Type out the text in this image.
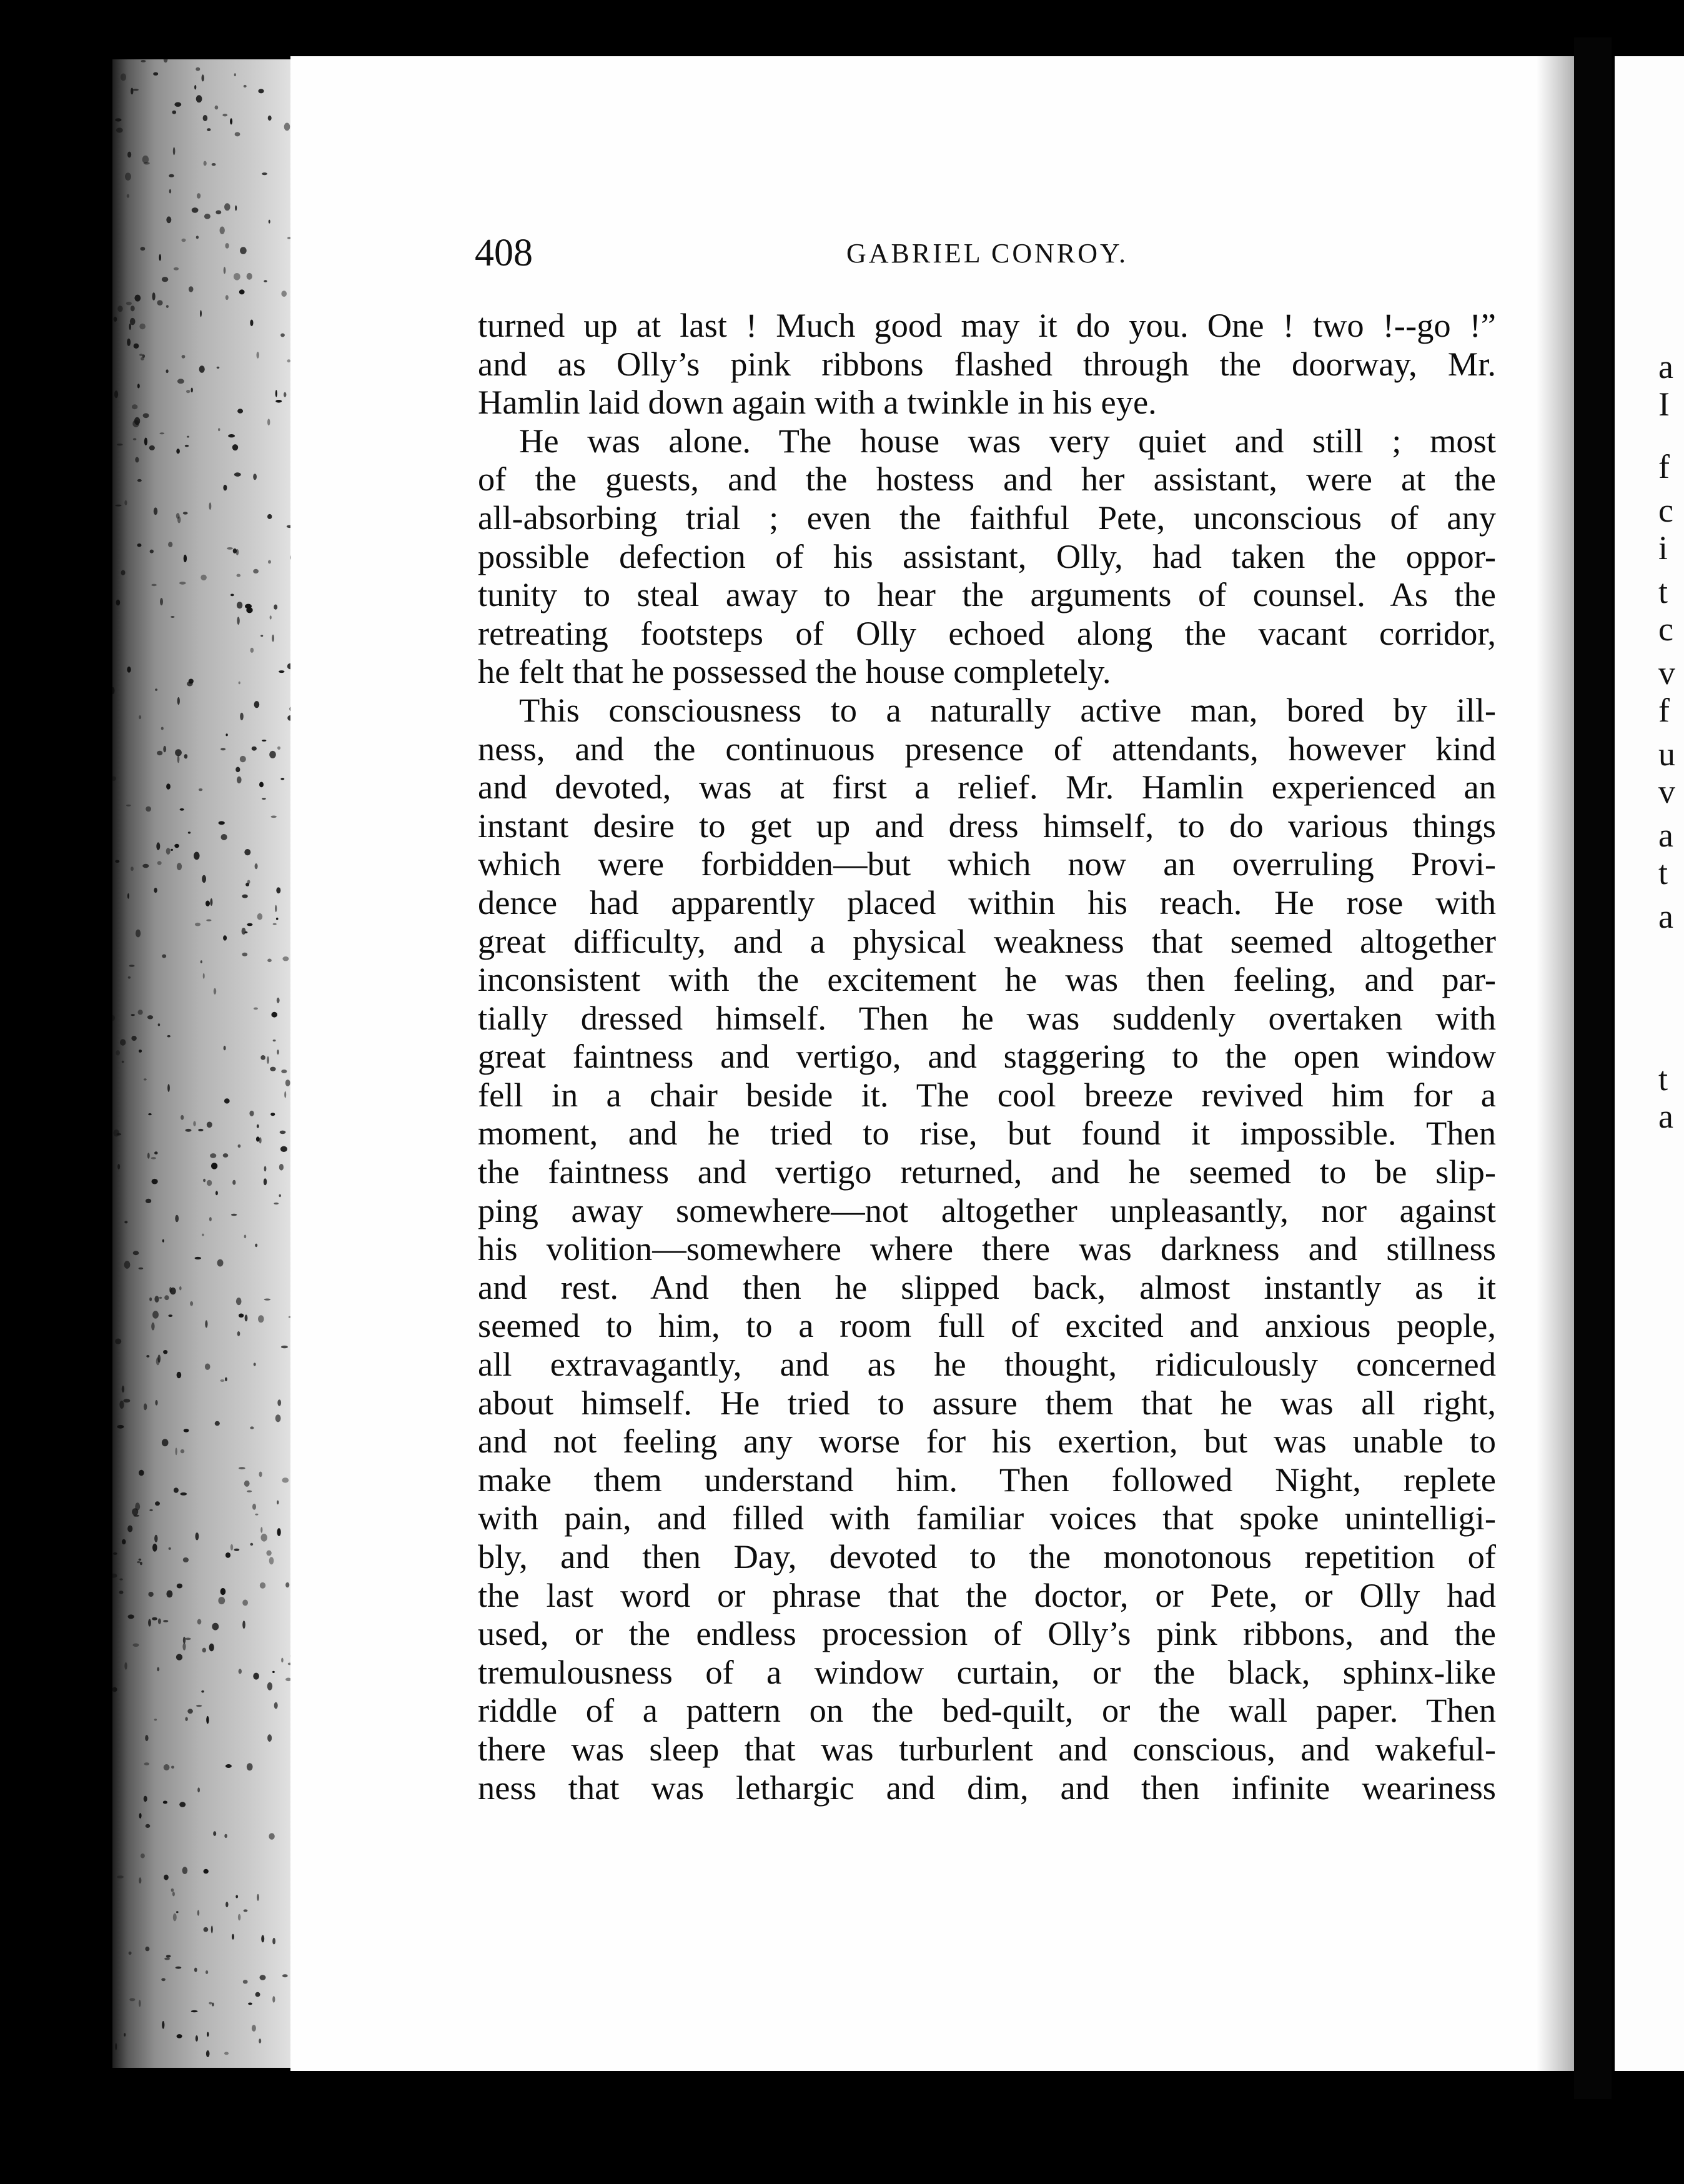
a
I
f
c
i
t
c
v
f
u
v
a
t
a
t
a
408	GABRIEL CONROY.
turned up at last ! Much good may it do you. One ! two !--go !”
and as Olly’s pink ribbons flashed through the doorway, Mr.
Hamlin laid down again with a twinkle in his eye.
He was alone. The house was very quiet and still ; most
of the guests, and the hostess and her assistant, were at the
all-absorbing trial ; even the faithful Pete, unconscious of any
possible defection of his assistant, Olly, had taken the oppor-
tunity to steal away to hear the arguments of counsel. As the
retreating footsteps of Olly echoed along the vacant corridor,
he felt that he possessed the house completely.
This consciousness to a naturally active man, bored by ill-
ness, and the continuous presence of attendants, however kind
and devoted, was at first a relief. Mr. Hamlin experienced an
instant desire to get up and dress himself, to do various things
which were forbidden—but which now an overruling Provi-
dence had apparently placed within his reach. He rose with
great difficulty, and a physical weakness that seemed altogether
inconsistent with the excitement he was then feeling, and par-
tially dressed himself. Then he was suddenly overtaken with
great faintness and vertigo, and staggering to the open window
fell in a chair beside it. The cool breeze revived him for a
moment, and he tried to rise, but found it impossible. Then
the faintness and vertigo returned, and he seemed to be slip-
ping away somewhere—not altogether unpleasantly, nor against
his volition—somewhere where there was darkness and stillness
and rest. And then he slipped back, almost instantly as it
seemed to him, to a room full of excited and anxious people,
all extravagantly, and as he thought, ridiculously concerned
about himself. He tried to assure them that he was all right,
and not feeling any worse for his exertion, but was unable to
make them understand him. Then followed Night, replete
with pain, and filled with familiar voices that spoke unintelligi-
bly, and then Day, devoted to the monotonous repetition of
the last word or phrase that the doctor, or Pete, or Olly had
used, or the endless procession of Olly’s pink ribbons, and the
tremulousness of a window curtain, or the black, sphinx-like
riddle of a pattern on the bed-quilt, or the wall paper. Then
there was sleep that was turburlent and conscious, and wakeful-
ness that was lethargic and dim, and then infinite weariness
